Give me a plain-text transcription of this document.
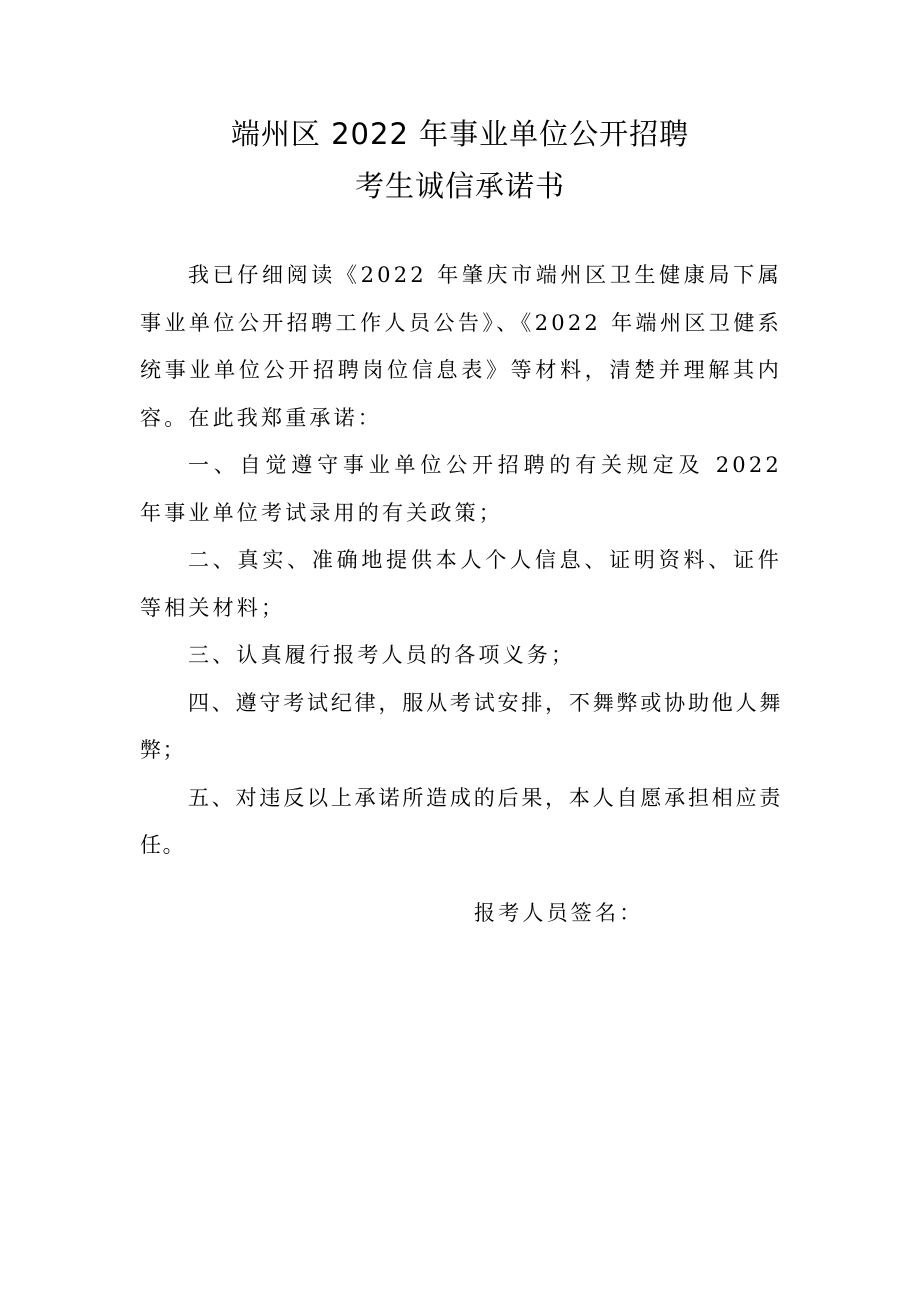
端州区 2022 年事业单位公开招聘
考生诚信承诺书

我已仔细阅读《2022 年肇庆市端州区卫生健康局下属事业单位公开招聘工作人员公告》、《2022 年端州区卫健系统事业单位公开招聘岗位信息表》等材料，清楚并理解其内容。在此我郑重承诺：

一、自觉遵守事业单位公开招聘的有关规定及 2022 年事业单位考试录用的有关政策；

二、真实、准确地提供本人个人信息、证明资料、证件等相关材料；

三、认真履行报考人员的各项义务；

四、遵守考试纪律，服从考试安排，不舞弊或协助他人舞弊；

五、对违反以上承诺所造成的后果，本人自愿承担相应责任。

报考人员签名：
